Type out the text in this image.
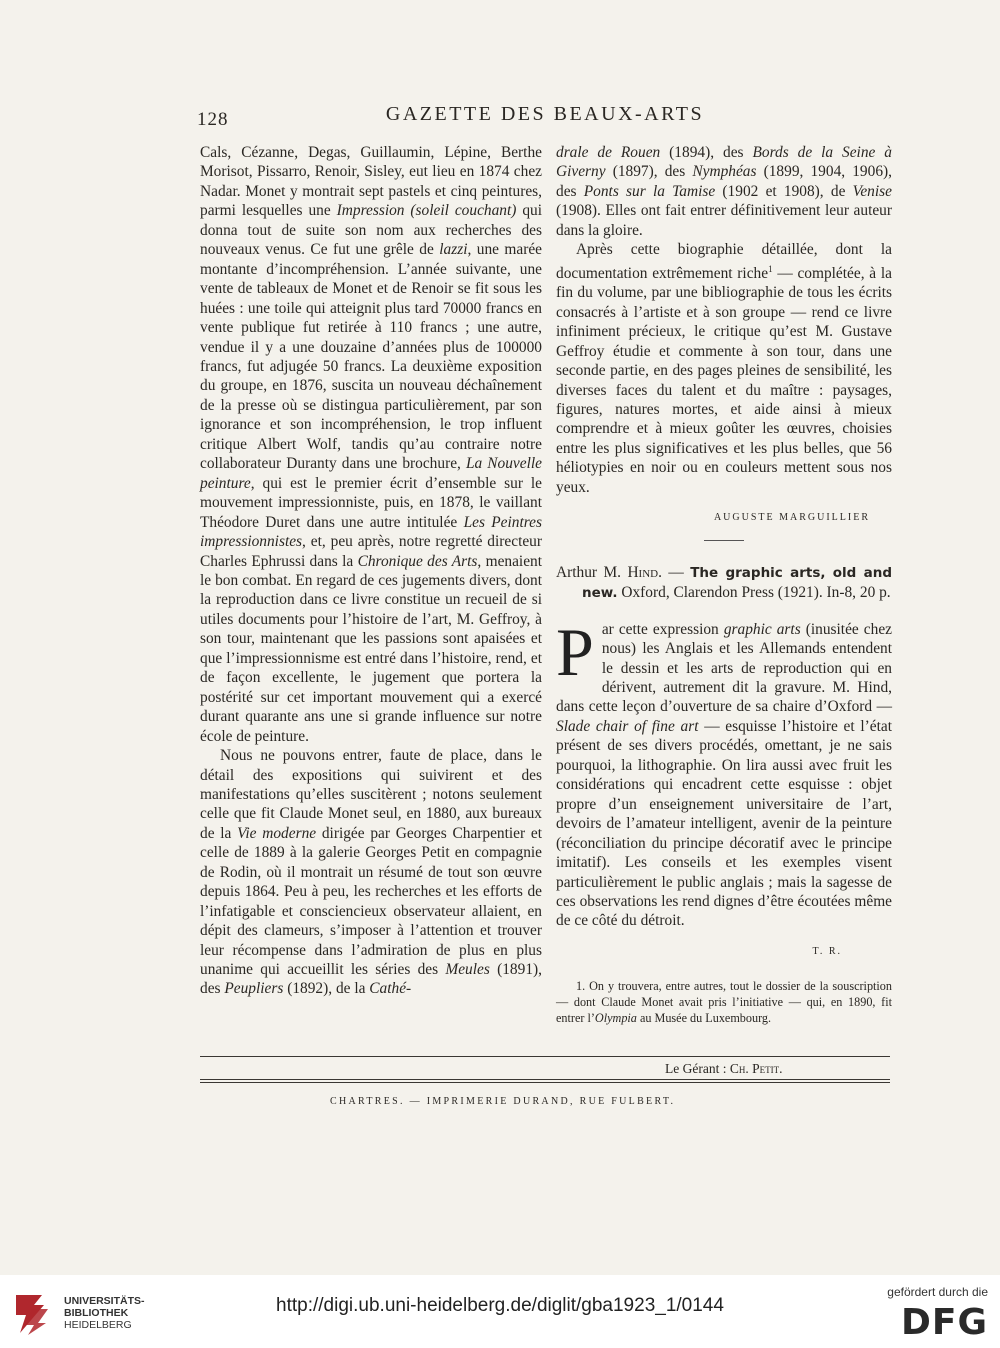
128	GAZETTE DES BEAUX-ARTS

Cals, Cézanne, Degas, Guillaumin, Lépine, Berthe Morisot, Pissarro, Renoir, Sisley, eut lieu en 1874 chez Nadar. Monet y montrait sept pastels et cinq peintures, parmi lesquelles une Impression (soleil couchant) qui donna tout de suite son nom aux recherches des nouveaux venus. Ce fut une grêle de lazzi, une marée montante d’incompréhension. L’année suivante, une vente de tableaux de Monet et de Renoir se fit sous les huées : une toile qui atteignit plus tard 70000 francs en vente publique fut retirée à 110 francs ; une autre, vendue il y a une douzaine d’années plus de 100000 francs, fut adjugée 50 francs. La deuxième exposition du groupe, en 1876, suscita un nouveau déchaînement de la presse où se distingua particulièrement, par son ignorance et son incompréhension, le trop influent critique Albert Wolf, tandis qu’au contraire notre collaborateur Duranty dans une brochure, La Nouvelle peinture, qui est le premier écrit d’ensemble sur le mouvement impressionniste, puis, en 1878, le vaillant Théodore Duret dans une autre intitulée Les Peintres impressionnistes, et, peu après, notre regretté directeur Charles Ephrussi dans la Chronique des Arts, menaient le bon combat. En regard de ces jugements divers, dont la reproduction dans ce livre constitue un recueil de si utiles documents pour l’histoire de l’art, M. Geffroy, à son tour, maintenant que les passions sont apaisées et que l’impressionnisme est entré dans l’histoire, rend, et de façon excellente, le jugement que portera la postérité sur cet important mouvement qui a exercé durant quarante ans une si grande influence sur notre école de peinture.

Nous ne pouvons entrer, faute de place, dans le détail des expositions qui suivirent et des manifestations qu’elles suscitèrent ; notons seulement celle que fit Claude Monet seul, en 1880, aux bureaux de la Vie moderne dirigée par Georges Charpentier et celle de 1889 à la galerie Georges Petit en compagnie de Rodin, où il montrait un résumé de tout son œuvre depuis 1864. Peu à peu, les recherches et les efforts de l’infatigable et consciencieux observateur allaient, en dépit des clameurs, s’imposer à l’attention et trouver leur récompense dans l’admiration de plus en plus unanime qui accueillit les séries des Meules (1891), des Peupliers (1892), de la Cathé-

drale de Rouen (1894), des Bords de la Seine à Giverny (1897), des Nymphéas (1899, 1904, 1906), des Ponts sur la Tamise (1902 et 1908), de Venise (1908). Elles ont fait entrer définitivement leur auteur dans la gloire.

Après cette biographie détaillée, dont la documentation extrêmement riche$^1$ — complétée, à la fin du volume, par une bibliographie de tous les écrits consacrés à l’artiste et à son groupe — rend ce livre infiniment précieux, le critique qu’est M. Gustave Geffroy étudie et commente à son tour, dans une seconde partie, en des pages pleines de sensibilité, les diverses faces du talent et du maître : paysages, figures, natures mortes, et aide ainsi à mieux comprendre et à mieux goûter les œuvres, choisies entre les plus significatives et les plus belles, que 56 héliotypies en noir ou en couleurs mettent sous nos yeux.

AUGUSTE MARGUILLIER

Arthur M. Hind. — The graphic arts, old and new. Oxford, Clarendon Press (1921). In-8, 20 p.

Par cette expression graphic arts (inusitée chez nous) les Anglais et les Allemands entendent le dessin et les arts de reproduction qui en dérivent, autrement dit la gravure. M. Hind, dans cette leçon d’ouverture de sa chaire d’Oxford — Slade chair of fine art — esquisse l’histoire et l’état présent de ses divers procédés, omettant, je ne sais pourquoi, la lithographie. On lira aussi avec fruit les considérations qui encadrent cette esquisse : objet propre d’un enseignement universitaire de l’art, devoirs de l’amateur intelligent, avenir de la peinture (réconciliation du principe décoratif avec le principe imitatif). Les conseils et les exemples visent particulièrement le public anglais ; mais la sagesse de ces observations les rend dignes d’être écoutées même de ce côté du détroit.

T. R.

1. On y trouvera, entre autres, tout le dossier de la souscription — dont Claude Monet avait pris l’initiative — qui, en 1890, fit entrer l’Olympia au Musée du Luxembourg.

Le Gérant : Ch. Petit.
CHARTRES. — IMPRIMERIE DURAND, RUE FULBERT.
UNIVERSITÄTS-
BIBLIOTHEK
HEIDELBERG
http://digi.ub.uni-heidelberg.de/diglit/gba1923_1/0144
gefördert durch die
DFG
